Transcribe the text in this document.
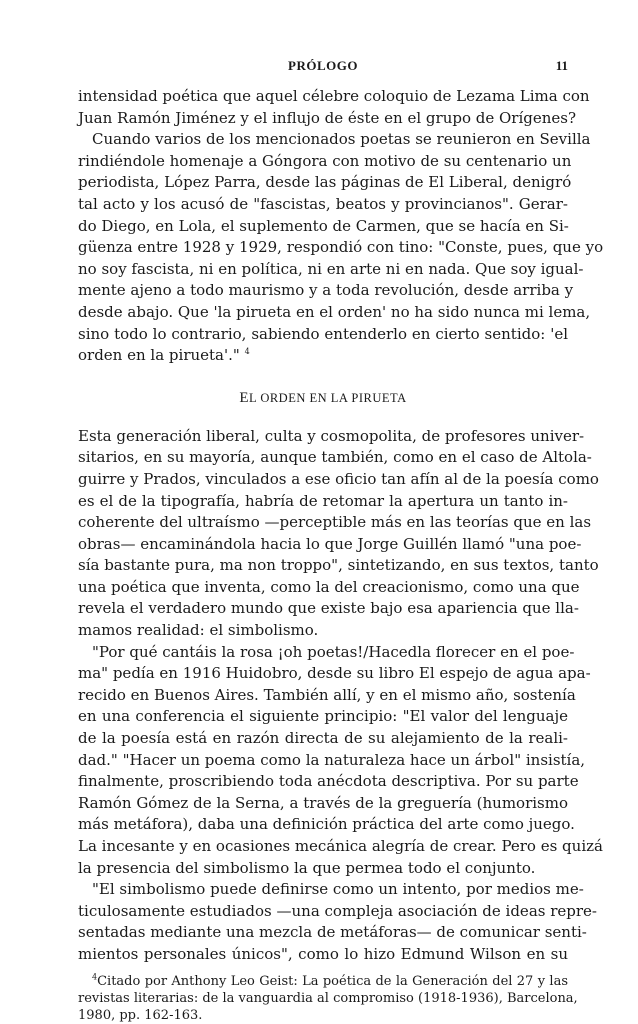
PRÓLOGO	11
intensidad poética que aquel célebre coloquio de Lezama Lima con
Juan Ramón Jiménez y el influjo de éste en el grupo de Orígenes?
Cuando varios de los mencionados poetas se reunieron en Sevilla
rindiéndole homenaje a Góngora con motivo de su centenario un
periodista, López Parra, desde las páginas de El Liberal, denigró
tal acto y los acusó de "fascistas, beatos y provincianos". Gerar-
do Diego, en Lola, el suplemento de Carmen, que se hacía en Si-
güenza entre 1928 y 1929, respondió con tino: "Conste, pues, que yo
no soy fascista, ni en política, ni en arte ni en nada. Que soy igual-
mente ajeno a todo maurismo y a toda revolución, desde arriba y
desde abajo. Que 'la pirueta en el orden' no ha sido nunca mi lema,
sino todo lo contrario, sabiendo entenderlo en cierto sentido: 'el
orden en la pirueta'." $^4$
EL ORDEN EN LA PIRUETA
Esta generación liberal, culta y cosmopolita, de profesores univer-
sitarios, en su mayoría, aunque también, como en el caso de Altola-
guirre y Prados, vinculados a ese oficio tan afín al de la poesía como
es el de la tipografía, habría de retomar la apertura un tanto in-
coherente del ultraísmo —perceptible más en las teorías que en las
obras— encaminándola hacia lo que Jorge Guillén llamó "una poe-
sía bastante pura, ma non troppo", sintetizando, en sus textos, tanto
una poética que inventa, como la del creacionismo, como una que
revela el verdadero mundo que existe bajo esa apariencia que lla-
mamos realidad: el simbolismo.
"Por qué cantáis la rosa ¡oh poetas!/Hacedla florecer en el poe-
ma" pedía en 1916 Huidobro, desde su libro El espejo de agua apa-
recido en Buenos Aires. También allí, y en el mismo año, sostenía
en una conferencia el siguiente principio: "El valor del lenguaje
de la poesía está en razón directa de su alejamiento de la reali-
dad." "Hacer un poema como la naturaleza hace un árbol" insistía,
finalmente, proscribiendo toda anécdota descriptiva. Por su parte
Ramón Gómez de la Serna, a través de la greguería (humorismo
más metáfora), daba una definición práctica del arte como juego.
La incesante y en ocasiones mecánica alegría de crear. Pero es quizá
la presencia del simbolismo la que permea todo el conjunto.
"El simbolismo puede definirse como un intento, por medios me-
ticulosamente estudiados —una compleja asociación de ideas repre-
sentadas mediante una mezcla de metáforas— de comunicar senti-
mientos personales únicos", como lo hizo Edmund Wilson en su
$^4$Citado por Anthony Leo Geist: La poética de la Generación del 27 y las
revistas literarias: de la vanguardia al compromiso (1918-1936), Barcelona,
1980, pp. 162-163.
